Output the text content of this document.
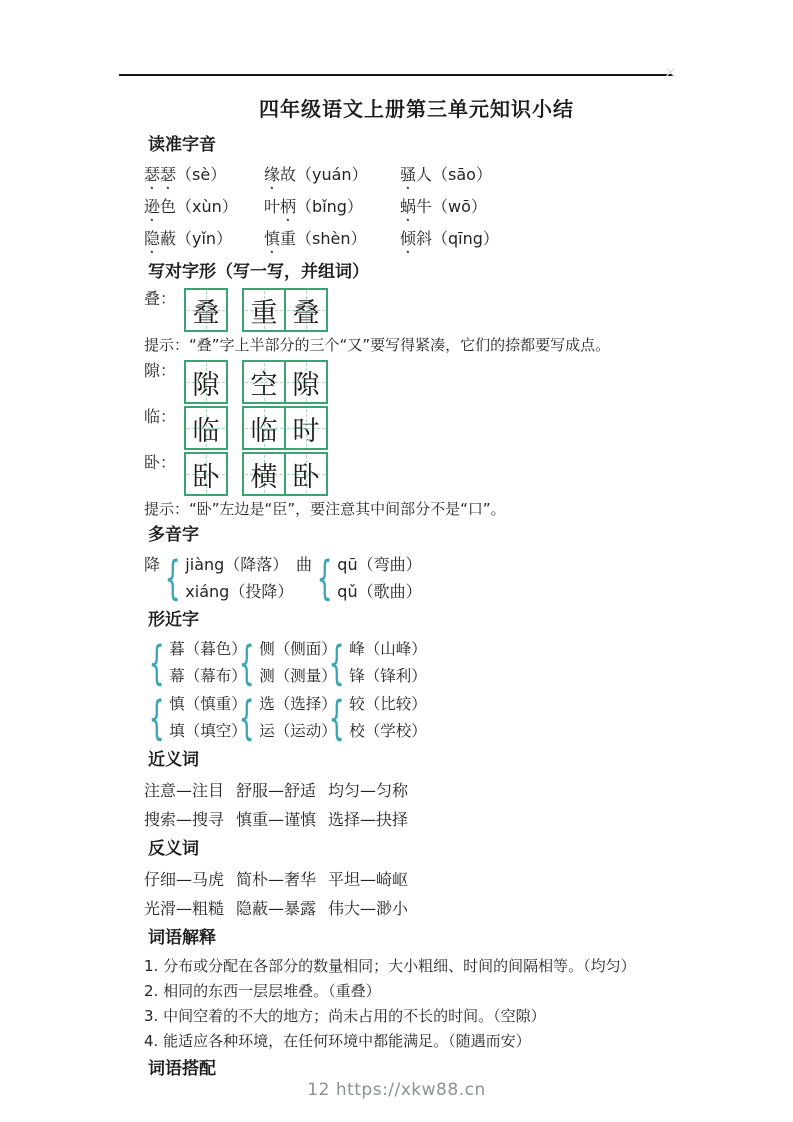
×
四年级语文上册第三单元知识小结
读准字音
瑟瑟（sè）	缘故（yuán）	骚人（sāo）
逊色（xùn）	叶柄（bǐng）	蜗牛（wō）
隐蔽（yǐn）	慎重（shèn）	倾斜（qīng）
写对字形（写一写，并组词）
叠： 叠 重 叠
提示：“叠”字上半部分的三个“又”要写得紧凑，它们的捺都要写成点。
隙： 隙 空 隙
临： 临 临 时
卧： 卧 横 卧
提示：“卧”左边是“臣”，要注意其中间部分不是“口”。
多音字
降 { jiàng（降落）
xiáng（投降）
曲 { qū（弯曲）
qǔ（歌曲）
形近字
{ 暮（暮色）
幕（幕布）
{ 侧（侧面）
测（测量）
{ 峰（山峰）
锋（锋利）
{ 慎（慎重）
填（填空）
{ 选（选择）
运（运动）
{ 较（比较）
校（学校）
近义词
注意—注目 舒服—舒适 均匀—匀称
搜索—搜寻 慎重—谨慎 选择—抉择
反义词
仔细—马虎 简朴—奢华 平坦—崎岖
光滑—粗糙 隐蔽—暴露 伟大—渺小
词语解释
1. 分布或分配在各部分的数量相同；大小粗细、时间的间隔相等。（均匀）
2. 相同的东西一层层堆叠。（重叠）
3. 中间空着的不大的地方；尚未占用的不长的时间。（空隙）
4. 能适应各种环境，在任何环境中都能满足。（随遇而安）
词语搭配
12 https://xkw88.cn
